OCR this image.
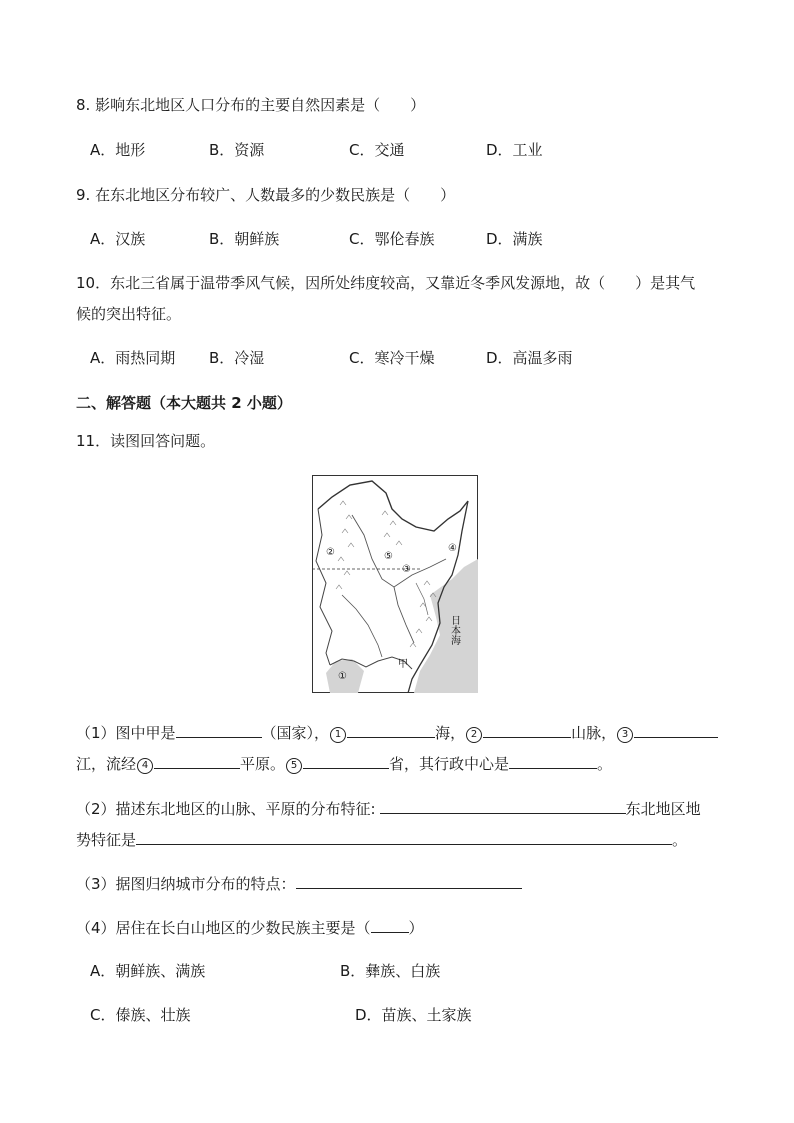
8. 影响东北地区人口分布的主要自然因素是（　　）
A．地形	B．资源	C．交通	D．工业
9. 在东北地区分布较广、人数最多的少数民族是（　　）
A．汉族	B．朝鲜族	C．鄂伦春族	D．满族
10．东北三省属于温带季风气候，因所处纬度较高，又靠近冬季风发源地，故（　　）是其气
候的突出特征。
A．雨热同期 B．冷湿	C．寒冷干燥	D．高温多雨
二、解答题（本大题共 2 小题）
11．读图回答问题。
②	⑤
③
④
①
甲
日本海
（1）图中甲是	（国家）， 1	海， 2	山脉， 3
江，流经 4	平原。 5	省，其行政中心是	。
（2）描述东北地区的山脉、平原的分布特征:	东北地区地
势特征是	。
（3）据图归纳城市分布的特点：
（4）居住在长白山地区的少数民族主要是（	）
A．朝鲜族、满族	B．彝族、白族
C．傣族、壮族	D．苗族、土家族
